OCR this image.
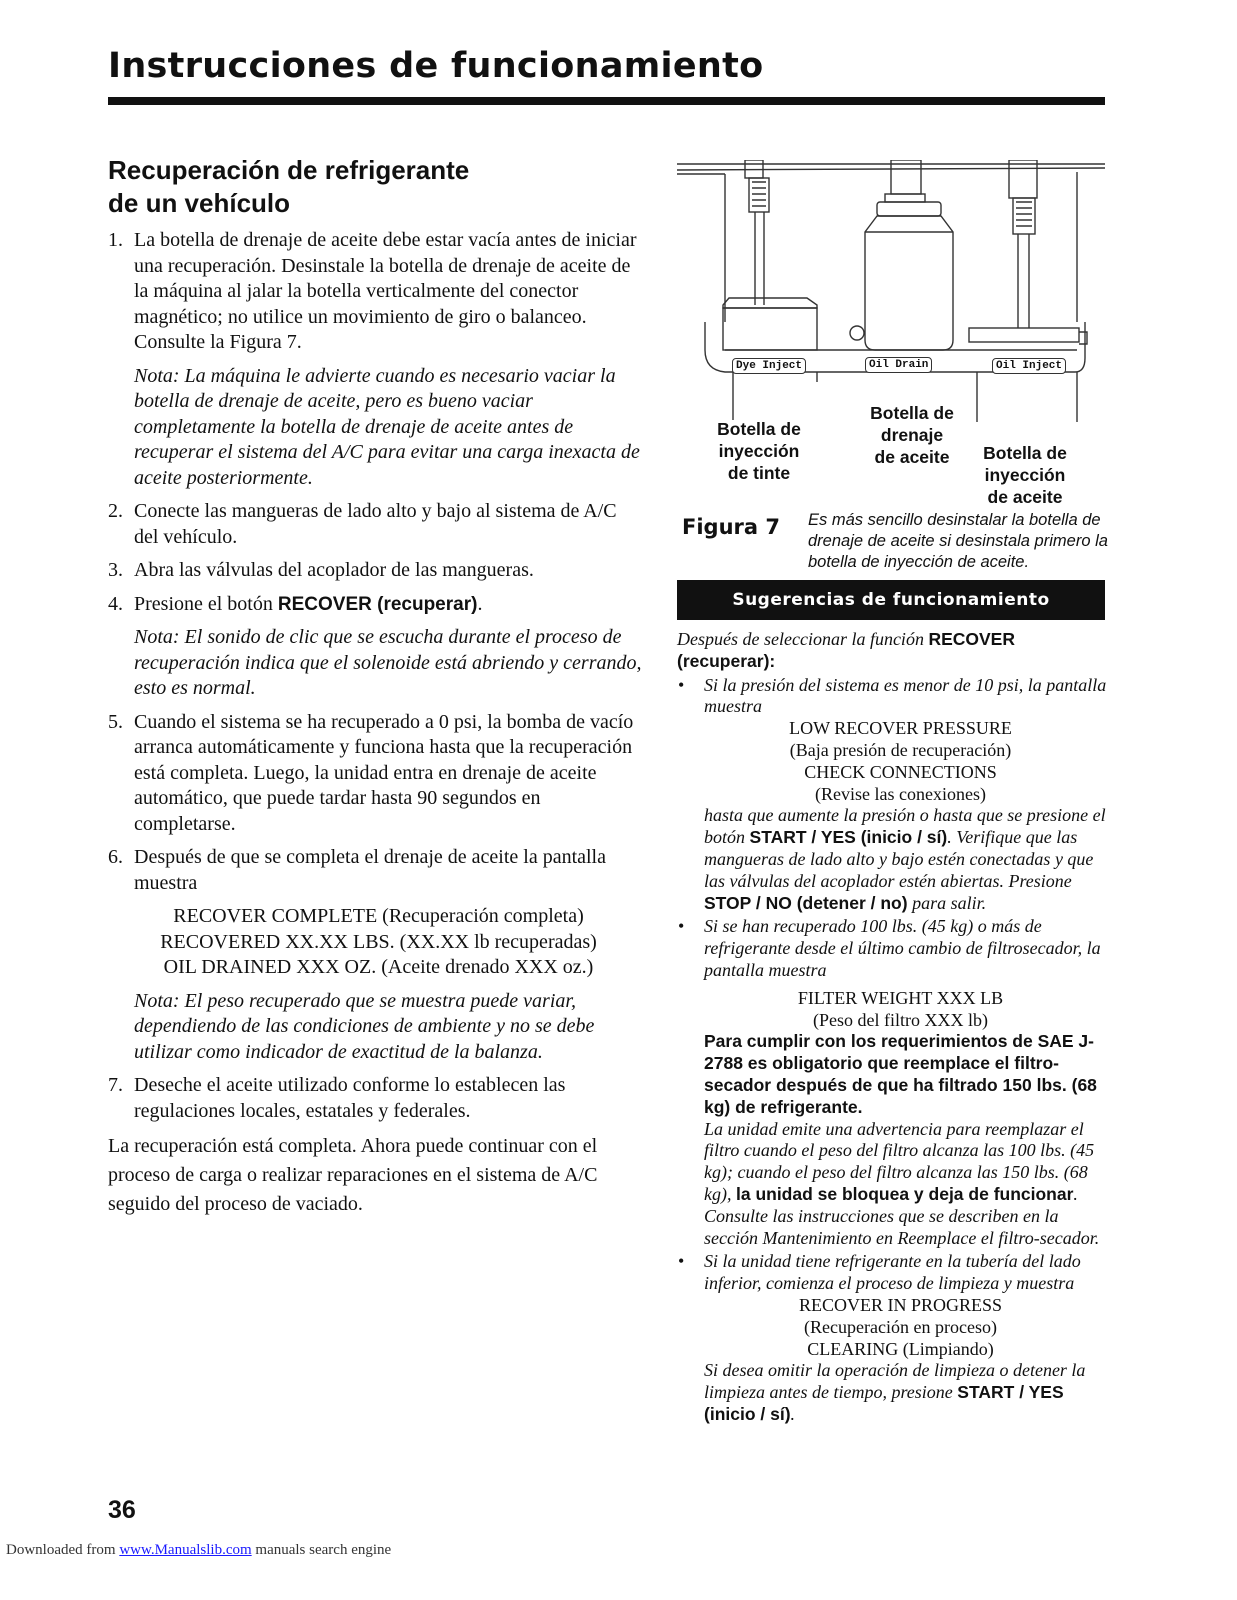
Instrucciones de funcionamiento
Recuperación de refrigerante
de un vehículo
1. La botella de drenaje de aceite debe estar vacía antes de iniciar una recuperación. Desinstale la botella de drenaje de aceite de la máquina al jalar la botella verticalmente del conector magnético; no utilice un movimiento de giro o balanceo. Consulte la Figura 7.
Nota: La máquina le advierte cuando es necesario vaciar la botella de drenaje de aceite, pero es bueno vaciar completamente la botella de drenaje de aceite antes de recuperar el sistema del A/C para evitar una carga inexacta de aceite posteriormente.
2. Conecte las mangueras de lado alto y bajo al sistema de A/C del vehículo.
3. Abra las válvulas del acoplador de las mangueras.
4. Presione el botón RECOVER (recuperar).
Nota: El sonido de clic que se escucha durante el proceso de recuperación indica que el solenoide está abriendo y cerrando, esto es normal.
5. Cuando el sistema se ha recuperado a 0 psi, la bomba de vacío arranca automáticamente y funciona hasta que la recuperación está completa. Luego, la unidad entra en drenaje de aceite automático, que puede tardar hasta 90 segundos en completarse.
6. Después de que se completa el drenaje de aceite la pantalla muestra
RECOVER COMPLETE (Recuperación completa)
RECOVERED XX.XX LBS. (XX.XX lb recuperadas)
OIL DRAINED XXX OZ. (Aceite drenado XXX oz.)
Nota: El peso recuperado que se muestra puede variar, dependiendo de las condiciones de ambiente y no se debe utilizar como indicador de exactitud de la balanza.
7. Deseche el aceite utilizado conforme lo establecen las regulaciones locales, estatales y federales.

La recuperación está completa. Ahora puede continuar con el proceso de carga o realizar reparaciones en el sistema de A/C seguido del proceso de vaciado.

Dye Inject	Oil Drain	Oil Inject
Botella de
inyección
de tinte
Botella de
drenaje
de aceite	Botella de
inyección
de aceite
Figura 7 Es más sencillo desinstalar la botella de drenaje de aceite si desinstala primero la botella de inyección de aceite.
Sugerencias de funcionamiento
Después de seleccionar la función RECOVER (recuperar):
• Si la presión del sistema es menor de 10 psi, la pantalla muestra
LOW RECOVER PRESSURE
(Baja presión de recuperación)
CHECK CONNECTIONS
(Revise las conexiones)
hasta que aumente la presión o hasta que se presione el botón START / YES (inicio / sí). Verifique que las mangueras de lado alto y bajo estén conectadas y que las válvulas del acoplador estén abiertas. Presione STOP / NO (detener / no) para salir.
• Si se han recuperado 100 lbs. (45 kg) o más de refrigerante desde el último cambio de filtrosecador, la pantalla muestra
FILTER WEIGHT XXX LB
(Peso del filtro XXX lb)
Para cumplir con los requerimientos de SAE J-2788 es obligatorio que reemplace el filtro-secador después de que ha filtrado 150 lbs. (68 kg) de refrigerante.
La unidad emite una advertencia para reemplazar el filtro cuando el peso del filtro alcanza las 100 lbs. (45 kg); cuando el peso del filtro alcanza las 150 lbs. (68 kg), la unidad se bloquea y deja de funcionar. Consulte las instrucciones que se describen en la sección Mantenimiento en Reemplace el filtro-secador.
• Si la unidad tiene refrigerante en la tubería del lado inferior, comienza el proceso de limpieza y muestra
RECOVER IN PROGRESS
(Recuperación en proceso)
CLEARING (Limpiando)
Si desea omitir la operación de limpieza o detener la limpieza antes de tiempo, presione START / YES (inicio / sí).

36

Downloaded from www.Manualslib.com manuals search engine
